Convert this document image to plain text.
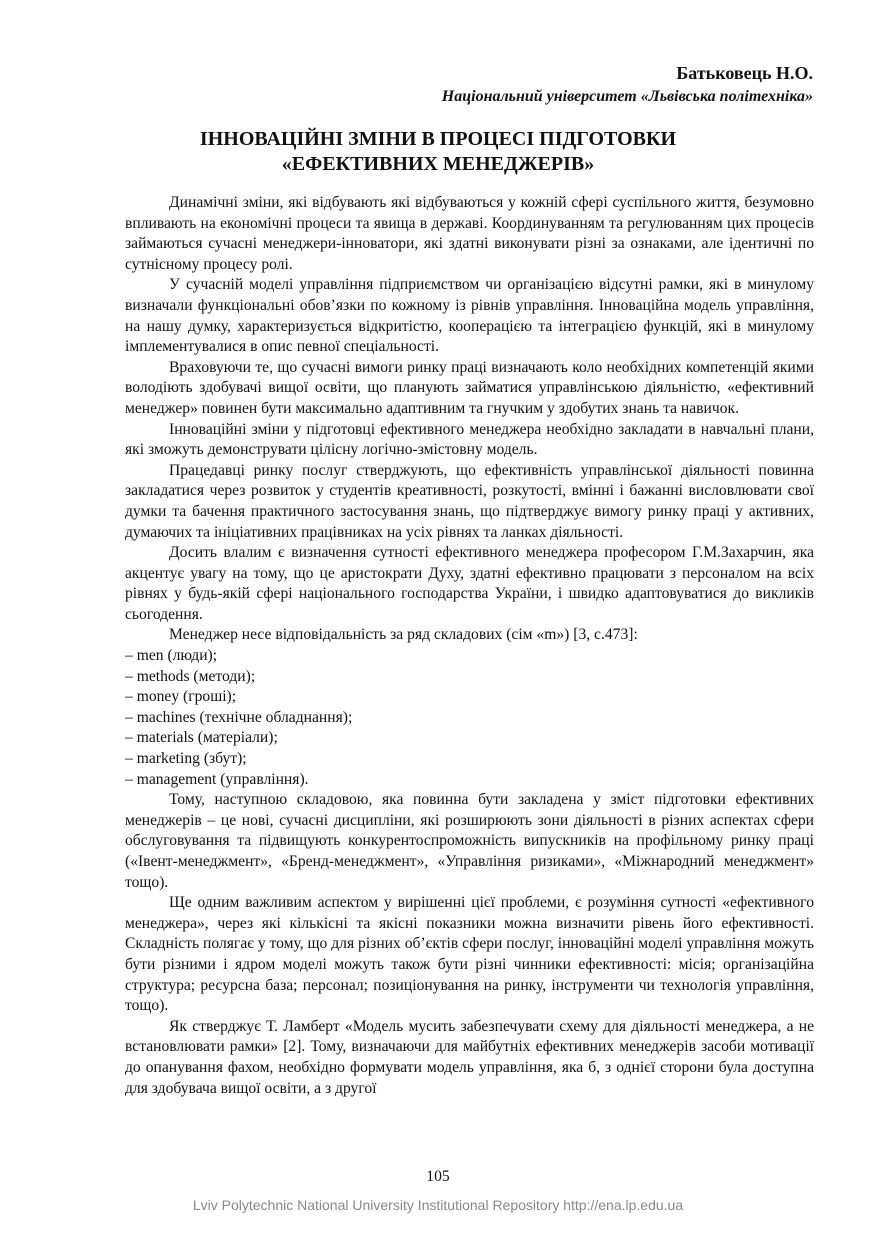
Батьковець Н.О.
Національний університет «Львівська політехніка»
ІННОВАЦІЙНІ ЗМІНИ В ПРОЦЕСІ ПІДГОТОВКИ
«ЕФЕКТИВНИХ МЕНЕДЖЕРІВ»

Динамічні зміни, які відбувають які відбуваються у кожній сфері суспільного життя, безумовно впливають на економічні процеси та явища в державі. Координуванням та регулюванням цих процесів займаються сучасні менеджери-інноватори, які здатні виконувати різні за ознаками, але ідентичні по сутнісному процесу ролі.

У сучасній моделі управління підприємством чи організацією відсутні рамки, які в минулому визначали функціональні обов’язки по кожному із рівнів управління. Інноваційна модель управління, на нашу думку, характеризується відкритістю, кооперацією та інтеграцією функцій, які в минулому імплементувалися в опис певної спеціальності.

Враховуючи те, що сучасні вимоги ринку праці визначають коло необхідних компетенцій якими володіють здобувачі вищої освіти, що планують займатися управлінською діяльністю, «ефективний менеджер» повинен бути максимально адаптивним та гнучким у здобутих знань та навичок.

Інноваційні зміни у підготовці ефективного менеджера необхідно закладати в навчальні плани, які зможуть демонструвати цілісну логічно-змістовну модель.

Працедавці ринку послуг стверджують, що ефективність управлінської діяльності повинна закладатися через розвиток у студентів креативності, розкутості, вмінні і бажанні висловлювати свої думки та бачення практичного застосування знань, що підтверджує вимогу ринку праці у активних, думаючих та ініціативних працівниках на усіх рівнях та ланках діяльності.

Досить влалим є визначення сутності ефективного менеджера професором Г.М.Захарчин, яка акцентує увагу на тому, що це аристократи Духу, здатні ефективно працювати з персоналом на всіх рівнях у будь-якій сфері національного господарства України, і швидко адаптовуватися до викликів сьогодення.

Менеджер несе відповідальність за ряд складових (сім «m») [3, с.473]:

– men (люди);
– methods (методи);
– money (гроші);
– machines (технічне обладнання);
– materials (матеріали);
– marketing (збут);
– management (управління).

Тому, наступною складовою, яка повинна бути закладена у зміст підготовки ефективних менеджерів – це нові, сучасні дисципліни, які розширюють зони діяльності в різних аспектах сфери обслуговування та підвищують конкурентоспроможність випускників на профільному ринку праці («Івент-менеджмент», «Бренд-менеджмент», «Управління ризиками», «Міжнародний менеджмент» тощо).

Ще одним важливим аспектом у вирішенні цієї проблеми, є розуміння сутності «ефективного менеджера», через які кількісні та якісні показники можна визначити рівень його ефективності. Складність полягає у тому, що для різних об’єктів сфери послуг, інноваційні моделі управління можуть бути різними і ядром моделі можуть також бути різні чинники ефективності: місія; організаційна структура; ресурсна база; персонал; позиціонування на ринку, інструменти чи технологія управління, тощо).

Як стверджує Т. Ламберт «Модель мусить забезпечувати схему для діяльності менеджера, а не встановлювати рамки» [2]. Тому, визначаючи для майбутніх ефективних менеджерів засоби мотивації до опанування фахом, необхідно формувати модель управління, яка б, з однієї сторони була доступна для здобувача вищої освіти, а з другої

105
Lviv Polytechnic National University Institutional Repository http://ena.lp.edu.ua
